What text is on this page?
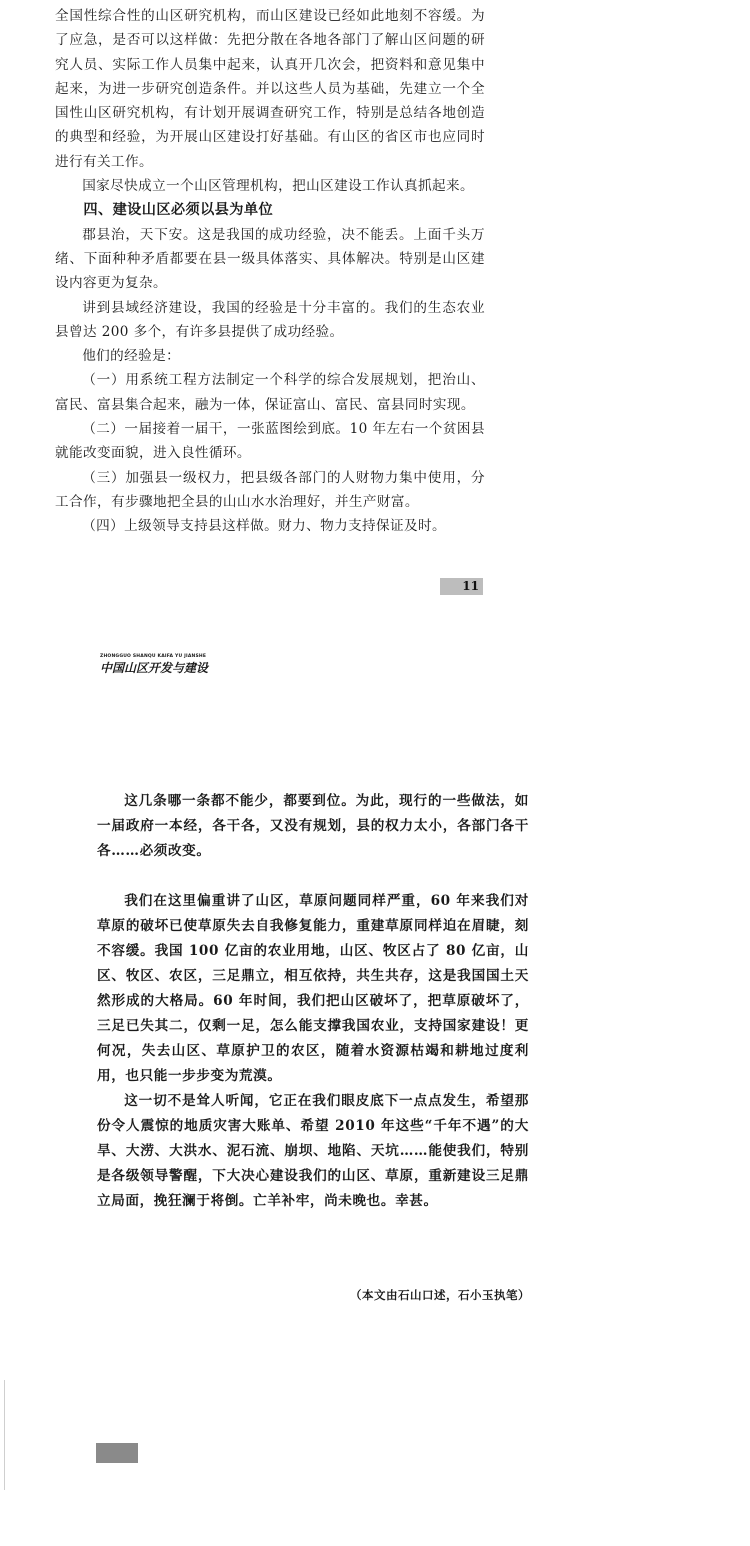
全国性综合性的山区研究机构，而山区建设已经如此地刻不容缓。为了应急，是否可以这样做：先把分散在各地各部门了解山区问题的研究人员、实际工作人员集中起来，认真开几次会，把资料和意见集中起来，为进一步研究创造条件。并以这些人员为基础，先建立一个全国性山区研究机构，有计划开展调查研究工作，特别是总结各地创造的典型和经验，为开展山区建设打好基础。有山区的省区市也应同时进行有关工作。

国家尽快成立一个山区管理机构，把山区建设工作认真抓起来。

四、建设山区必须以县为单位

郡县治，天下安。这是我国的成功经验，决不能丢。上面千头万绪、下面种种矛盾都要在县一级具体落实、具体解决。特别是山区建设内容更为复杂。

讲到县域经济建设，我国的经验是十分丰富的。我们的生态农业县曾达 200 多个，有许多县提供了成功经验。

他们的经验是：

（一）用系统工程方法制定一个科学的综合发展规划，把治山、富民、富县集合起来，融为一体，保证富山、富民、富县同时实现。

（二）一届接着一届干，一张蓝图绘到底。10 年左右一个贫困县就能改变面貌，进入良性循环。

（三）加强县一级权力，把县级各部门的人财物力集中使用，分工合作，有步骤地把全县的山山水水治理好，并生产财富。

（四）上级领导支持县这样做。财力、物力支持保证及时。

11
ZHONGGUO SHANQU KAIFA YU JIANSHE
中国山区开发与建设

这几条哪一条都不能少，都要到位。为此，现行的一些做法，如一届政府一本经，各干各，又没有规划，县的权力太小，各部门各干各……必须改变。

我们在这里偏重讲了山区，草原问题同样严重，60 年来我们对草原的破坏已使草原失去自我修复能力，重建草原同样迫在眉睫，刻不容缓。我国 100 亿亩的农业用地，山区、牧区占了 80 亿亩，山区、牧区、农区，三足鼎立，相互依持，共生共存，这是我国国土天然形成的大格局。60 年时间，我们把山区破坏了，把草原破坏了，三足已失其二，仅剩一足，怎么能支撑我国农业，支持国家建设！更何况，失去山区、草原护卫的农区，随着水资源枯竭和耕地过度利用，也只能一步步变为荒漠。

这一切不是耸人听闻，它正在我们眼皮底下一点点发生，希望那份令人震惊的地质灾害大账单、希望 2010 年这些“千年不遇”的大旱、大涝、大洪水、泥石流、崩坝、地陷、天坑……能使我们，特别是各级领导警醒，下大决心建设我们的山区、草原，重新建设三足鼎立局面，挽狂澜于将倒。亡羊补牢，尚未晚也。幸甚。

（本文由石山口述，石小玉执笔）
